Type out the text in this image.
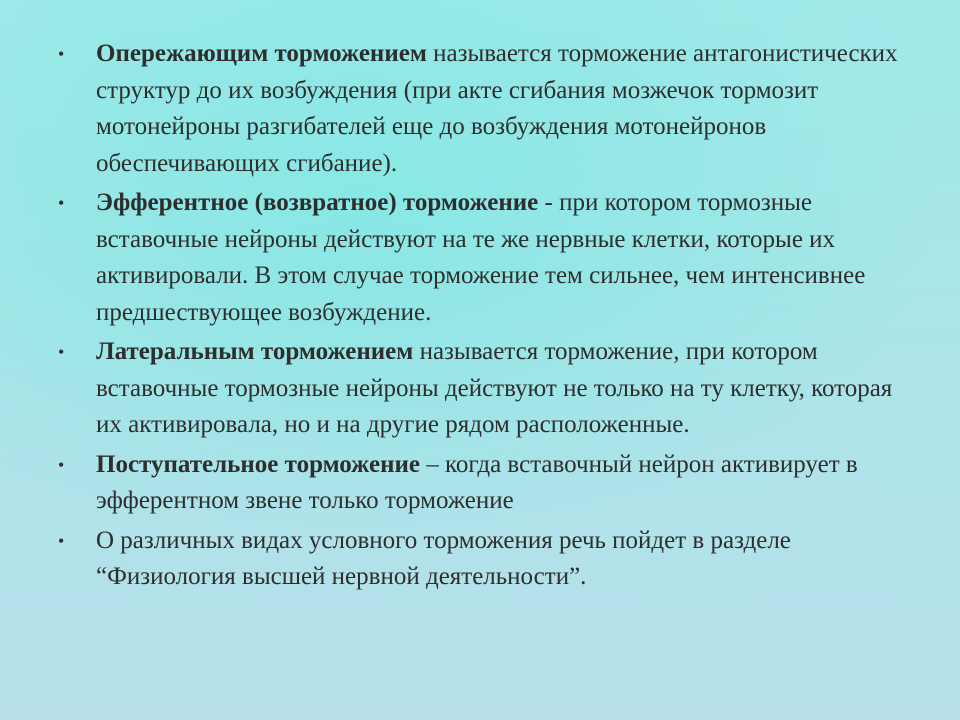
• Опережающим торможением называется торможение антагонистических структур до их возбуждения (при акте сгибания мозжечок тормозит мотонейроны разгибателей еще до возбуждения мотонейронов обеспечивающих сгибание).
• Эфферентное (возвратное) торможение - при котором тормозные вставочные нейроны действуют на те же нервные клетки, которые их активировали. В этом случае торможение тем сильнее, чем интенсивнее предшествующее возбуждение.
• Латеральным торможением называется торможение, при котором вставочные тормозные нейроны действуют не только на ту клетку, которая их активировала, но и на другие рядом расположенные.
• Поступательное торможение – когда вставочный нейрон активирует в эфферентном звене только торможение
• О различных видах условного торможения речь пойдет в разделе “Физиология высшей нервной деятельности”.
